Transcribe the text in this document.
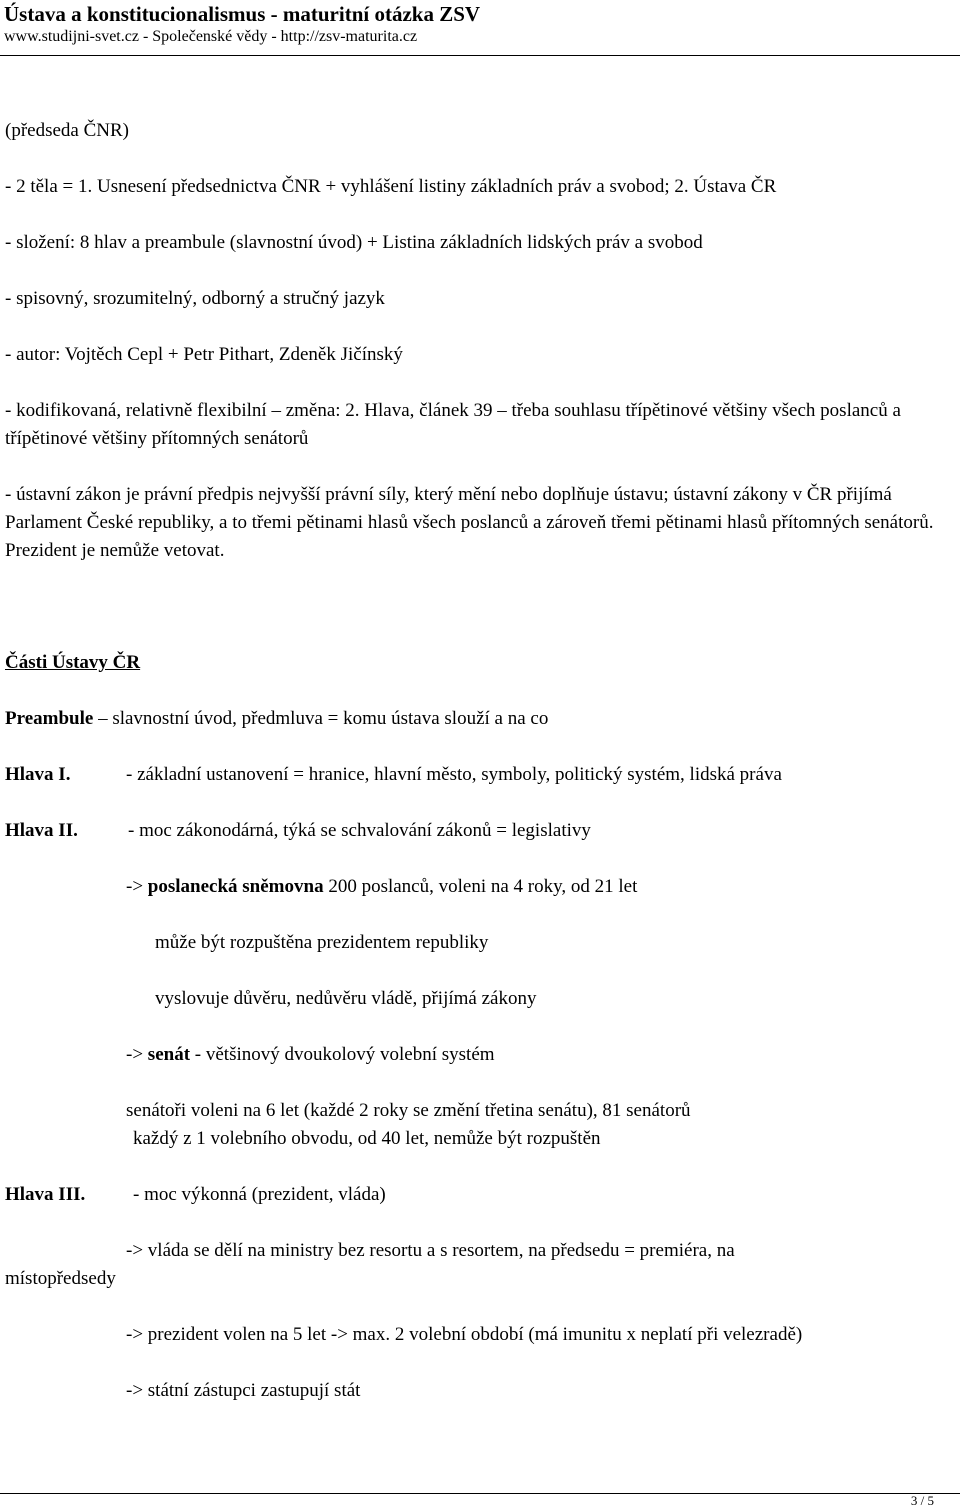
Ústava a konstitucionalismus - maturitní otázka ZSV
www.studijni-svet.cz - Společenské vědy - http://zsv-maturita.cz
(předseda ČNR)
- 2 těla = 1. Usnesení předsednictva ČNR + vyhlášení listiny základních práv a svobod; 2. Ústava ČR
- složení: 8 hlav a preambule (slavnostní úvod) + Listina základních lidských práv a svobod
- spisovný, srozumitelný, odborný a stručný jazyk
- autor: Vojtěch Cepl + Petr Pithart, Zdeněk Jičínský
- kodifikovaná, relativně flexibilní – změna: 2. Hlava, článek 39 – třeba souhlasu třípětinové většiny všech poslanců a třípětinové většiny přítomných senátorů
- ústavní zákon je právní předpis nejvyšší právní síly, který mění nebo doplňuje ústavu; ústavní zákony v ČR přijímá Parlament České republiky, a to třemi pětinami hlasů všech poslanců a zároveň třemi pětinami hlasů přítomných senátorů. Prezident je nemůže vetovat.
Části Ústavy ČR
Preambule – slavnostní úvod, předmluva = komu ústava slouží a na co
Hlava I.	- základní ustanovení = hranice, hlavní město, symboly, politický systém, lidská práva
Hlava II.	- moc zákonodárná, týká se schvalování zákonů = legislativy
-> poslanecká sněmovna 200 poslanců, voleni na 4 roky, od 21 let
může být rozpuštěna prezidentem republiky
vyslovuje důvěru, nedůvěru vládě, přijímá zákony
-> senát - většinový dvoukolový volební systém
senátoři voleni na 6 let (každé 2 roky se změní třetina senátu), 81 senátorů
každý z 1 volebního obvodu, od 40 let, nemůže být rozpuštěn
Hlava III.	- moc výkonná (prezident, vláda)
-> vláda se dělí na ministry bez resortu a s resortem, na předsedu = premiéra, na
místopředsedy
-> prezident volen na 5 let -> max. 2 volební období (má imunitu x neplatí při velezradě)
-> státní zástupci zastupují stát
3 / 5
